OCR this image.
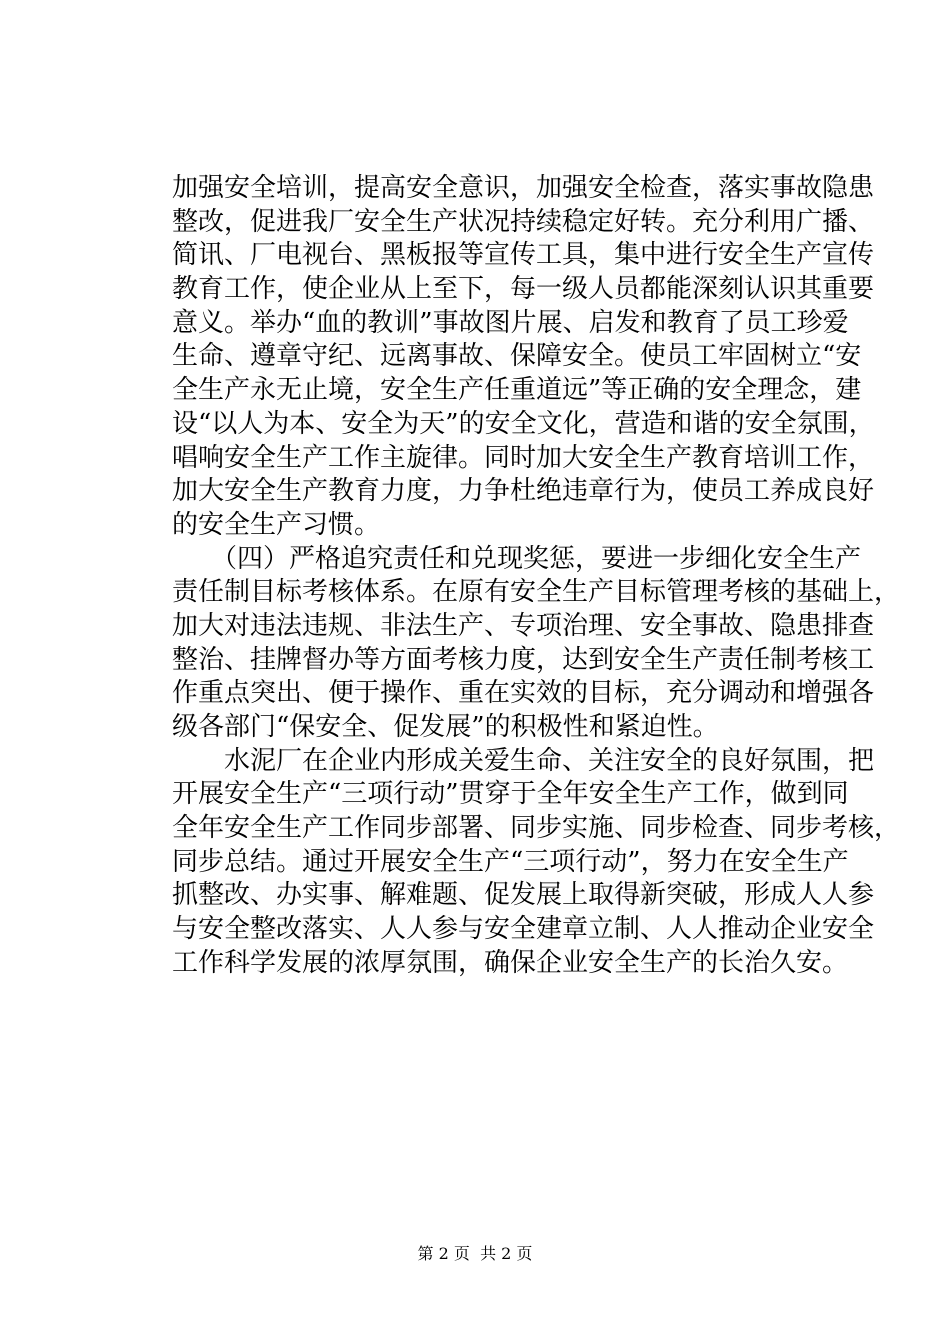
加强安全培训，提高安全意识，加强安全检查，落实事故隐患
整改，促进我厂安全生产状况持续稳定好转。充分利用广播、
简讯、厂电视台、黑板报等宣传工具，集中进行安全生产宣传
教育工作，使企业从上至下，每一级人员都能深刻认识其重要
意义。举办“血的教训”事故图片展、启发和教育了员工珍爱
生命、遵章守纪、远离事故、保障安全。使员工牢固树立“安
全生产永无止境，安全生产任重道远”等正确的安全理念，建
设“以人为本、安全为天”的安全文化，营造和谐的安全氛围，
唱响安全生产工作主旋律。同时加大安全生产教育培训工作，
加大安全生产教育力度，力争杜绝违章行为，使员工养成良好
的安全生产习惯。
　　（四）严格追究责任和兑现奖惩，要进一步细化安全生产
责任制目标考核体系。在原有安全生产目标管理考核的基础上，
加大对违法违规、非法生产、专项治理、安全事故、隐患排查
整治、挂牌督办等方面考核力度，达到安全生产责任制考核工
作重点突出、便于操作、重在实效的目标，充分调动和增强各
级各部门“保安全、促发展”的积极性和紧迫性。
　　水泥厂在企业内形成关爱生命、关注安全的良好氛围，把
开展安全生产“三项行动”贯穿于全年安全生产工作，做到同
全年安全生产工作同步部署、同步实施、同步检查、同步考核，
同步总结。通过开展安全生产“三项行动”，努力在安全生产
抓整改、办实事、解难题、促发展上取得新突破，形成人人参
与安全整改落实、人人参与安全建章立制、人人推动企业安全
工作科学发展的浓厚氛围，确保企业安全生产的长治久安。
第 2 页  共 2 页
